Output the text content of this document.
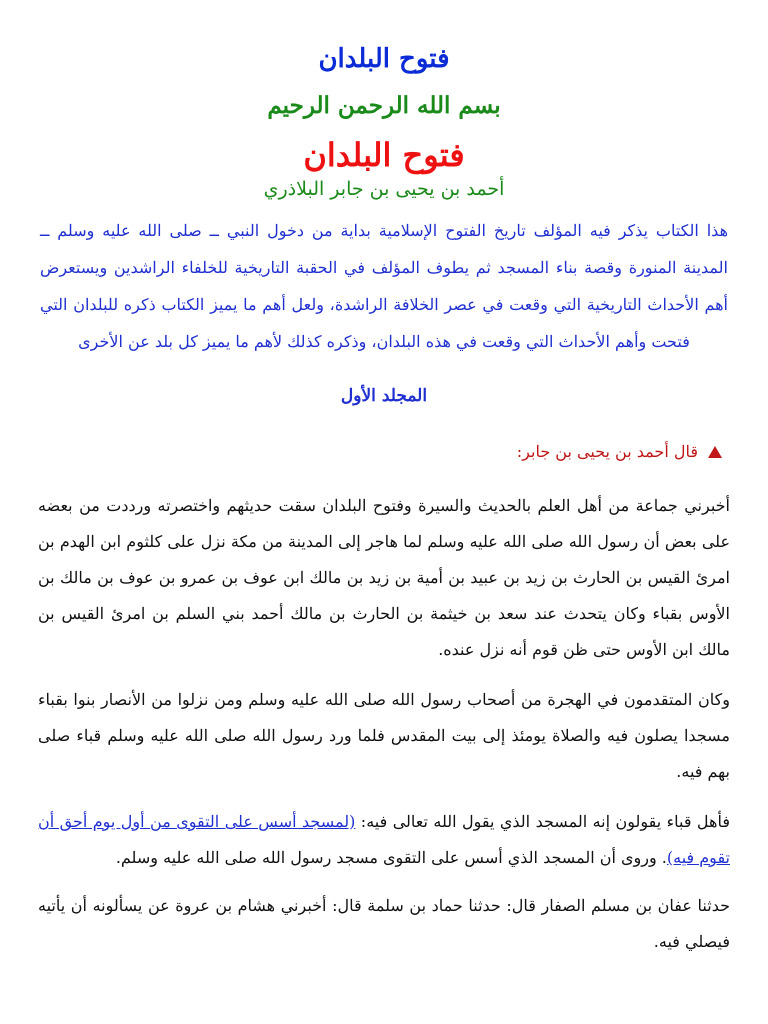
فتوح البلدان
بسم الله الرحمن الرحيم
فتوح البلدان
أحمد بن يحيى بن جابر البلاذري

هذا الكتاب يذكر فيه المؤلف تاريخ الفتوح الإسلامية بداية من دخول النبي ــ صلى الله عليه وسلم ــ المدينة المنورة وقصة بناء المسجد ثم يطوف المؤلف في الحقبة التاريخية للخلفاء الراشدين ويستعرض أهم الأحداث التاريخية التي وقعت في عصر الخلافة الراشدة، ولعل أهم ما يميز الكتاب ذكره للبلدان التي فتحت وأهم الأحداث التي وقعت في هذه البلدان، وذكره كذلك لأهم ما يميز كل بلد عن الأخرى

المجلد الأول
قال أحمد بن يحيى بن جابر:

أخبرني جماعة من أهل العلم بالحديث والسيرة وفتوح البلدان سقت حديثهم واختصرته ورددت من بعضه على بعض أن رسول الله صلى الله عليه وسلم لما هاجر إلى المدينة من مكة نزل على كلثوم ابن الهدم بن امرئ القيس بن الحارث بن زيد بن عبيد بن أمية بن زيد بن مالك ابن عوف بن عمرو بن عوف بن مالك بن الأوس بقباء وكان يتحدث عند سعد بن خيثمة بن الحارث بن مالك أحمد بني السلم بن امرئ القيس بن مالك ابن الأوس حتى ظن قوم أنه نزل عنده.

وكان المتقدمون في الهجرة من أصحاب رسول الله صلى الله عليه وسلم ومن نزلوا من الأنصار بنوا بقباء مسجدا يصلون فيه والصلاة يومئذ إلى بيت المقدس فلما ورد رسول الله صلى الله عليه وسلم قباء صلى بهم فيه.

فأهل قباء يقولون إنه المسجد الذي يقول الله تعالى فيه: (لمسجد أسس على التقوى من أول يوم أحق أن تقوم فيه). وروى أن المسجد الذي أسس على التقوى مسجد رسول الله صلى الله عليه وسلم.

حدثنا عفان بن مسلم الصفار قال: حدثنا حماد بن سلمة قال: أخبرني هشام بن عروة عن يسألونه أن يأتيه فيصلي فيه.
